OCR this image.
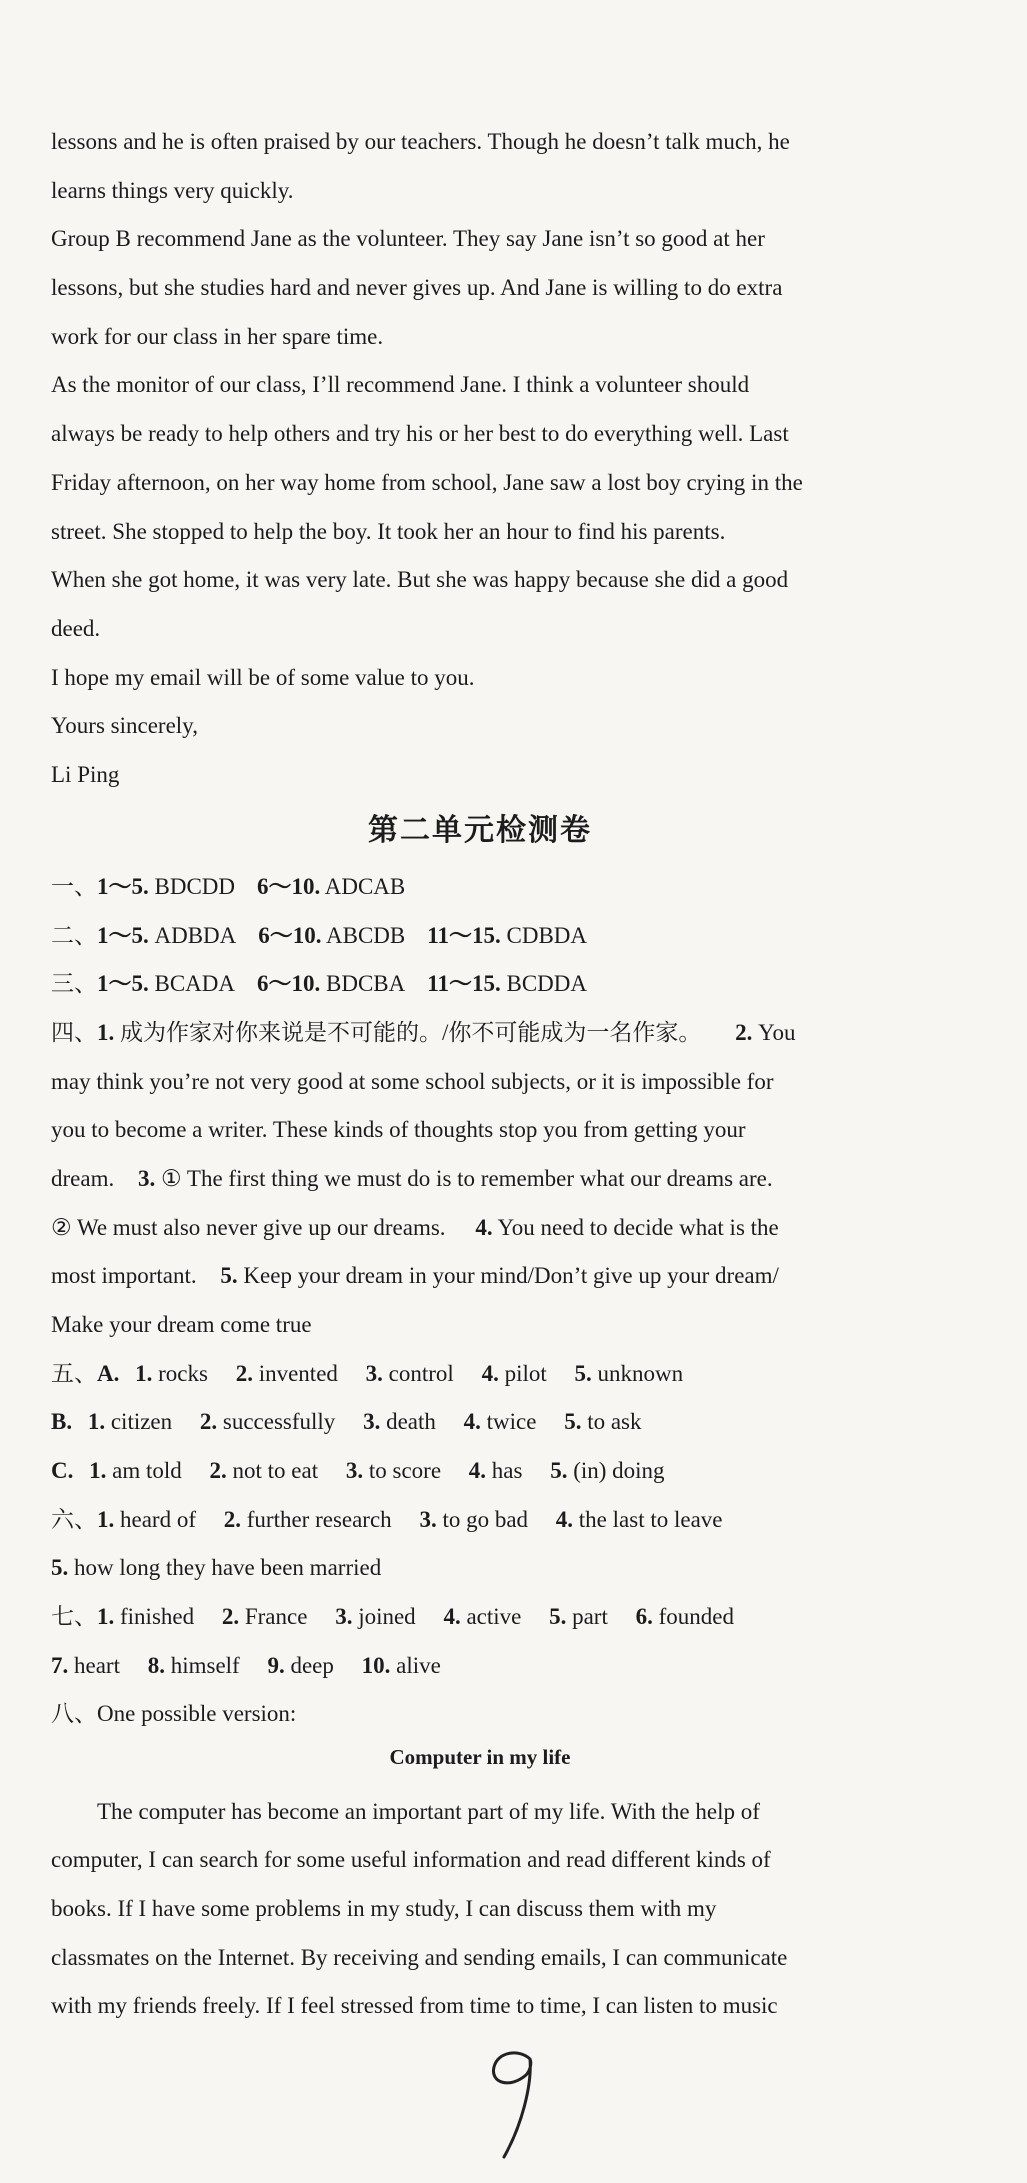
lessons and he is often praised by our teachers. Though he doesn’t talk much, he
learns things very quickly.
Group B recommend Jane as the volunteer. They say Jane isn’t so good at her
lessons, but she studies hard and never gives up. And Jane is willing to do extra
work for our class in her spare time.
As the monitor of our class, I’ll recommend Jane. I think a volunteer should
always be ready to help others and try his or her best to do everything well. Last
Friday afternoon, on her way home from school, Jane saw a lost boy crying in the
street. She stopped to help the boy. It took her an hour to find his parents.
When she got home, it was very late. But she was happy because she did a good
deed.
I hope my email will be of some value to you.
Yours sincerely,
Li Ping
第二单元检测卷
一、1～5. BDCDD 6～10. ADCAB
二、1～5. ADBDA 6～10. ABCDB 11～15. CDBDA
三、1～5. BCADA 6～10. BDCBA 11～15. BCDDA
四、1. 成为作家对你来说是不可能的。/你不可能成为一名作家。 2. You
may think you’re not very good at some school subjects, or it is impossible for
you to become a writer. These kinds of thoughts stop you from getting your
dream. 3. ① The first thing we must do is to remember what our dreams are.
② We must also never give up our dreams. 4. You need to decide what is the
most important. 5. Keep your dream in your mind/Don’t give up your dream/
Make your dream come true
五、A. 1. rocks 2. invented 3. control 4. pilot 5. unknown
B. 1. citizen 2. successfully 3. death 4. twice 5. to ask
C. 1. am told 2. not to eat 3. to score 4. has 5. (in) doing
六、1. heard of 2. further research 3. to go bad 4. the last to leave
5. how long they have been married
七、1. finished 2. France 3. joined 4. active 5. part 6. founded
7. heart 8. himself 9. deep 10. alive
八、One possible version:
Computer in my life
The computer has become an important part of my life. With the help of
computer, I can search for some useful information and read different kinds of
books. If I have some problems in my study, I can discuss them with my
classmates on the Internet. By receiving and sending emails, I can communicate
with my friends freely. If I feel stressed from time to time, I can listen to music
